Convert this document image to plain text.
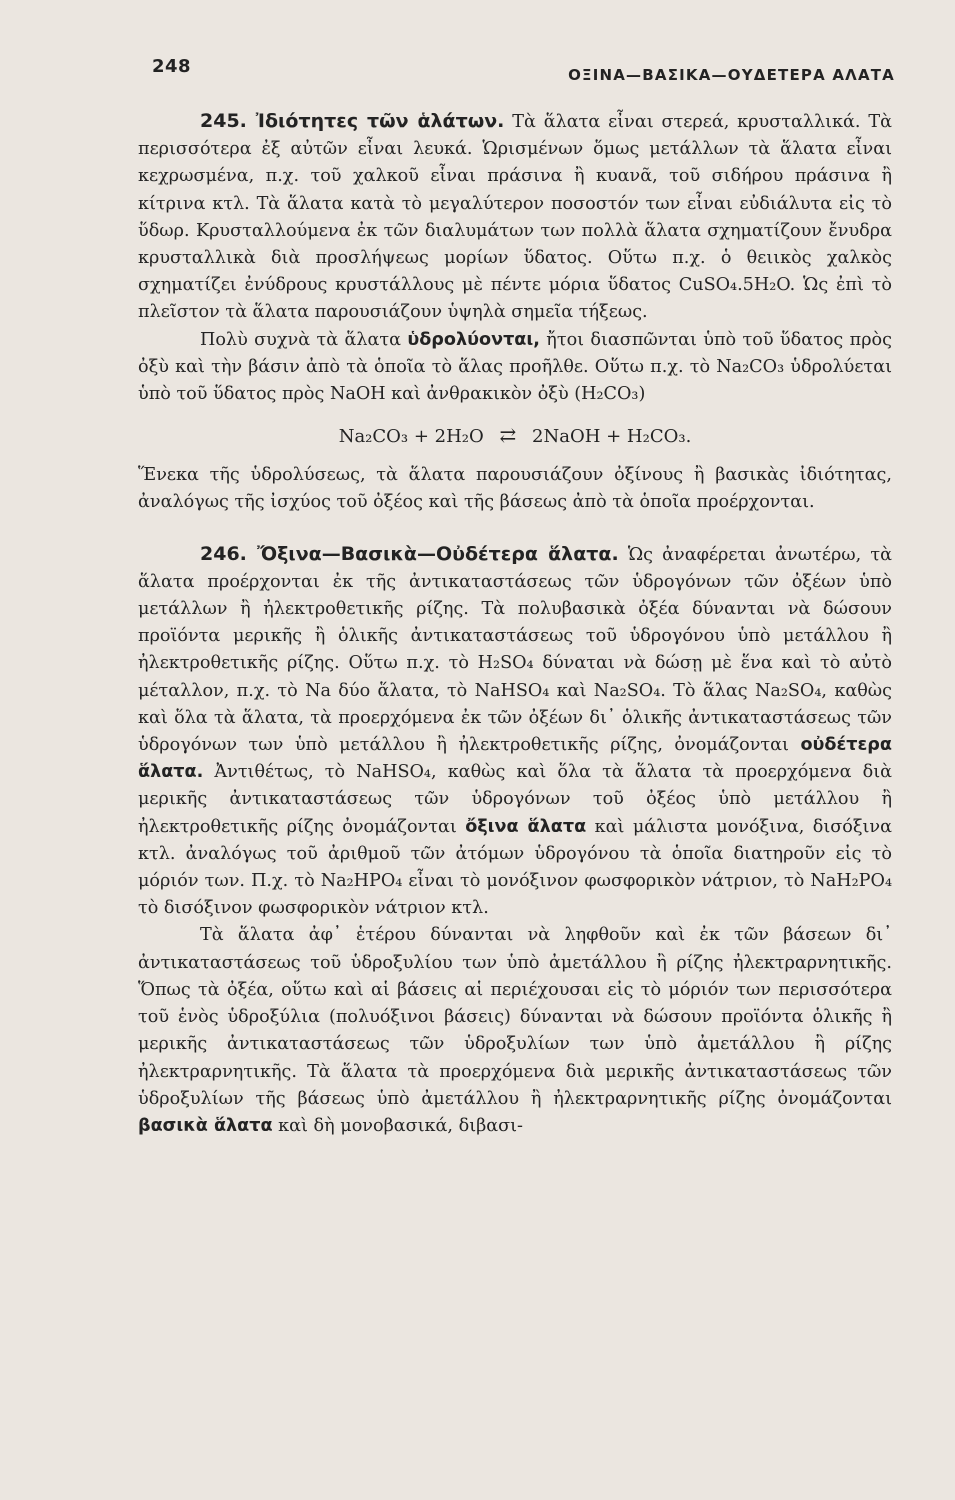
248	ΟΞΙΝΑ—ΒΑΣΙΚΑ—ΟΥΔΕΤΕΡΑ ΑΛΑΤΑ

245. Ἰδιότητες τῶν ἁλάτων. Τὰ ἅλατα εἶναι στερεά, κρυσταλλικά. Τὰ περισσότερα ἐξ αὐτῶν εἶναι λευκά. Ὡρισμένων ὅμως μετάλλων τὰ ἅλατα εἶναι κεχρωσμένα, π.χ. τοῦ χαλκοῦ εἶναι πράσινα ἢ κυανᾶ, τοῦ σιδήρου πράσινα ἢ κίτρινα κτλ. Τὰ ἅλατα κατὰ τὸ μεγαλύτερον ποσοστόν των εἶναι εὐδιάλυτα εἰς τὸ ὕδωρ. Κρυσταλλούμενα ἐκ τῶν διαλυμάτων των πολλὰ ἅλατα σχηματίζουν ἔνυδρα κρυσταλλικὰ διὰ προσλήψεως μορίων ὕδατος. Οὕτω π.χ. ὁ θειικὸς χαλκὸς σχηματίζει ἐνύδρους κρυστάλλους μὲ πέντε μόρια ὕδατος CuSO₄.5H₂O. Ὡς ἐπὶ τὸ πλεῖστον τὰ ἅλατα παρουσιάζουν ὑψηλὰ σημεῖα τήξεως.

Πολὺ συχνὰ τὰ ἅλατα ὑδρολύονται, ἤτοι διασπῶνται ὑπὸ τοῦ ὕδατος πρὸς ὀξὺ καὶ τὴν βάσιν ἀπὸ τὰ ὁποῖα τὸ ἅλας προῆλθε. Οὕτω π.χ. τὸ Na₂CO₃ ὑδρολύεται ὑπὸ τοῦ ὕδατος πρὸς NaOH καὶ ἀνθρακικὸν ὀξὺ (H₂CO₃)

Na₂CO₃ + 2H₂O ⇄ 2NaOH + H₂CO₃.

Ἕνεκα τῆς ὑδρολύσεως, τὰ ἅλατα παρουσιάζουν ὀξίνους ἢ βασικὰς ἰδιότητας, ἀναλόγως τῆς ἰσχύος τοῦ ὀξέος καὶ τῆς βάσεως ἀπὸ τὰ ὁποῖα προέρχονται.

246. Ὄξινα—Βασικὰ—Οὐδέτερα ἅλατα. Ὡς ἀναφέρεται ἀνωτέρω, τὰ ἅλατα προέρχονται ἐκ τῆς ἀντικαταστάσεως τῶν ὑδρογόνων τῶν ὀξέων ὑπὸ μετάλλων ἢ ἠλεκτροθετικῆς ρίζης. Τὰ πολυβασικὰ ὀξέα δύνανται νὰ δώσουν προϊόντα μερικῆς ἢ ὁλικῆς ἀντικαταστάσεως τοῦ ὑδρογόνου ὑπὸ μετάλλου ἢ ἠλεκτροθετικῆς ρίζης. Οὕτω π.χ. τὸ H₂SO₄ δύναται νὰ δώσῃ μὲ ἕνα καὶ τὸ αὐτὸ μέταλλον, π.χ. τὸ Na δύο ἅλατα, τὸ NaHSO₄ καὶ Na₂SO₄. Τὸ ἅλας Na₂SO₄, καθὼς καὶ ὅλα τὰ ἅλατα, τὰ προερχόμενα ἐκ τῶν ὀξέων δι᾽ ὁλικῆς ἀντικαταστάσεως τῶν ὑδρογόνων των ὑπὸ μετάλλου ἢ ἠλεκτροθετικῆς ρίζης, ὀνομάζονται οὐδέτερα ἅλατα. Ἀντιθέτως, τὸ NaHSO₄, καθὼς καὶ ὅλα τὰ ἅλατα τὰ προερχόμενα διὰ μερικῆς ἀντικαταστάσεως τῶν ὑδρογόνων τοῦ ὀξέος ὑπὸ μετάλλου ἢ ἠλεκτροθετικῆς ρίζης ὀνομάζονται ὄξινα ἅλατα καὶ μάλιστα μονόξινα, δισόξινα κτλ. ἀναλόγως τοῦ ἀριθμοῦ τῶν ἀτόμων ὑδρογόνου τὰ ὁποῖα διατηροῦν εἰς τὸ μόριόν των. Π.χ. τὸ Na₂HPO₄ εἶναι τὸ μονόξινον φωσφορικὸν νάτριον, τὸ NaH₂PO₄ τὸ δισόξινον φωσφορικὸν νάτριον κτλ.

Τὰ ἅλατα ἀφ᾽ ἑτέρου δύνανται νὰ ληφθοῦν καὶ ἐκ τῶν βάσεων δι᾽ ἀντικαταστάσεως τοῦ ὑδροξυλίου των ὑπὸ ἀμετάλλου ἢ ρίζης ἠλεκτραρνητικῆς. Ὅπως τὰ ὀξέα, οὕτω καὶ αἱ βάσεις αἱ περιέχουσαι εἰς τὸ μόριόν των περισσότερα τοῦ ἑνὸς ὑδροξύλια (πολυόξινοι βάσεις) δύνανται νὰ δώσουν προϊόντα ὁλικῆς ἢ μερικῆς ἀντικαταστάσεως τῶν ὑδροξυλίων των ὑπὸ ἀμετάλλου ἢ ρίζης ἠλεκτραρνητικῆς. Τὰ ἅλατα τὰ προερχόμενα διὰ μερικῆς ἀντικαταστάσεως τῶν ὑδροξυλίων τῆς βάσεως ὑπὸ ἀμετάλλου ἢ ἠλεκτραρνητικῆς ρίζης ὀνομάζονται βασικὰ ἅλατα καὶ δὴ μονοβασικά, διβασι-
